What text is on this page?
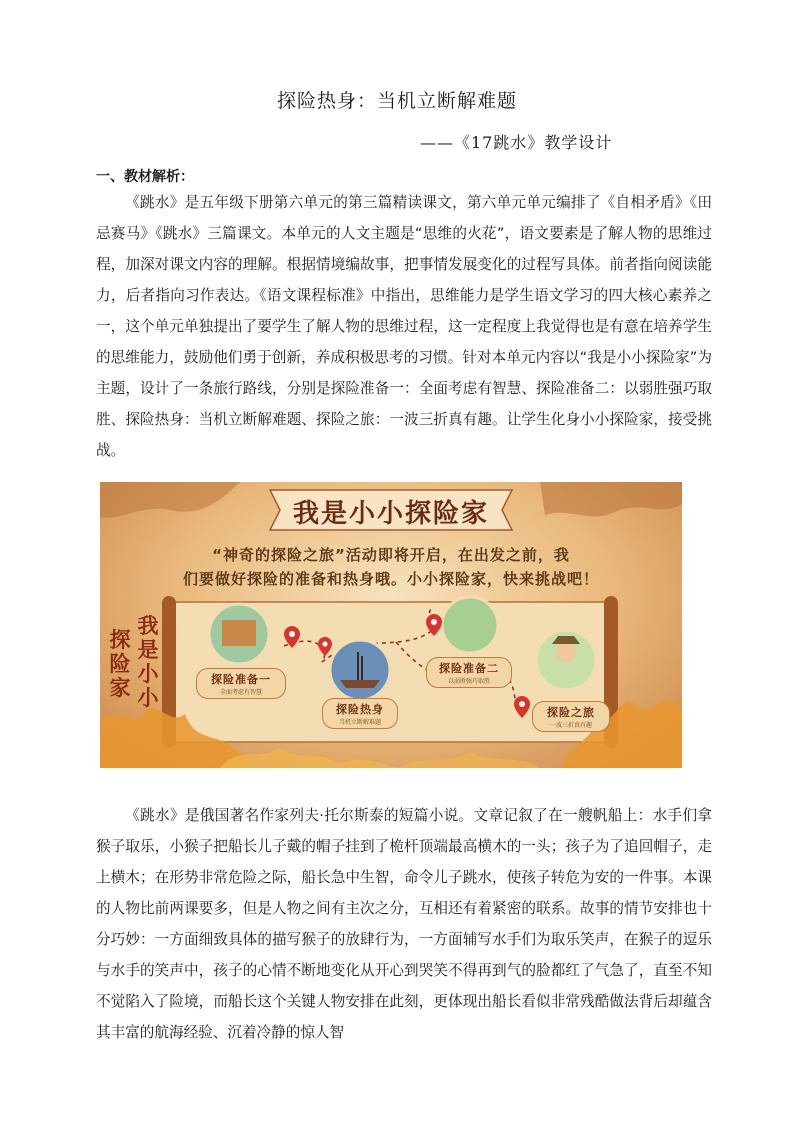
探险热身：当机立断解难题
——《17跳水》教学设计
一、教材解析：

《跳水》是五年级下册第六单元的第三篇精读课文，第六单元单元编排了《自相矛盾》《田忌赛马》《跳水》三篇课文。本单元的人文主题是“思维的火花”，语文要素是了解人物的思维过程，加深对课文内容的理解。根据情境编故事，把事情发展变化的过程写具体。前者指向阅读能力，后者指向习作表达。《语文课程标准》中指出，思维能力是学生语文学习的四大核心素养之一，这个单元单独提出了要学生了解人物的思维过程，这一定程度上我觉得也是有意在培养学生的思维能力，鼓励他们勇于创新，养成积极思考的习惯。针对本单元内容以“我是小小探险家”为主题，设计了一条旅行路线，分别是探险准备一：全面考虑有智慧、探险准备二：以弱胜强巧取胜、探险热身：当机立断解难题、探险之旅：一波三折真有趣。让学生化身小小探险家，接受挑战。

我是小小探险家
“神奇的探险之旅”活动即将开启，在出发之前，我
们要做好探险的准备和热身哦。小小探险家，快来挑战吧！
我是小小
探险家	探险准备一
全面考虑有智慧
探险热身
当机立断解难题
探险准备二
以弱胜强巧取胜
探险之旅
一波三折真有趣

《跳水》是俄国著名作家列夫·托尔斯泰的短篇小说。文章记叙了在一艘帆船上：水手们拿猴子取乐，小猴子把船长儿子戴的帽子挂到了桅杆顶端最高横木的一头；孩子为了追回帽子，走上横木；在形势非常危险之际，船长急中生智，命令儿子跳水，使孩子转危为安的一件事。本课的人物比前两课要多，但是人物之间有主次之分，互相还有着紧密的联系。故事的情节安排也十分巧妙：一方面细致具体的描写猴子的放肆行为，一方面辅写水手们为取乐笑声，在猴子的逗乐与水手的笑声中，孩子的心情不断地变化从开心到哭笑不得再到气的脸都红了气急了，直至不知不觉陷入了险境，而船长这个关键人物安排在此刻，更体现出船长看似非常残酷做法背后却蕴含其丰富的航海经验、沉着冷静的惊人智
